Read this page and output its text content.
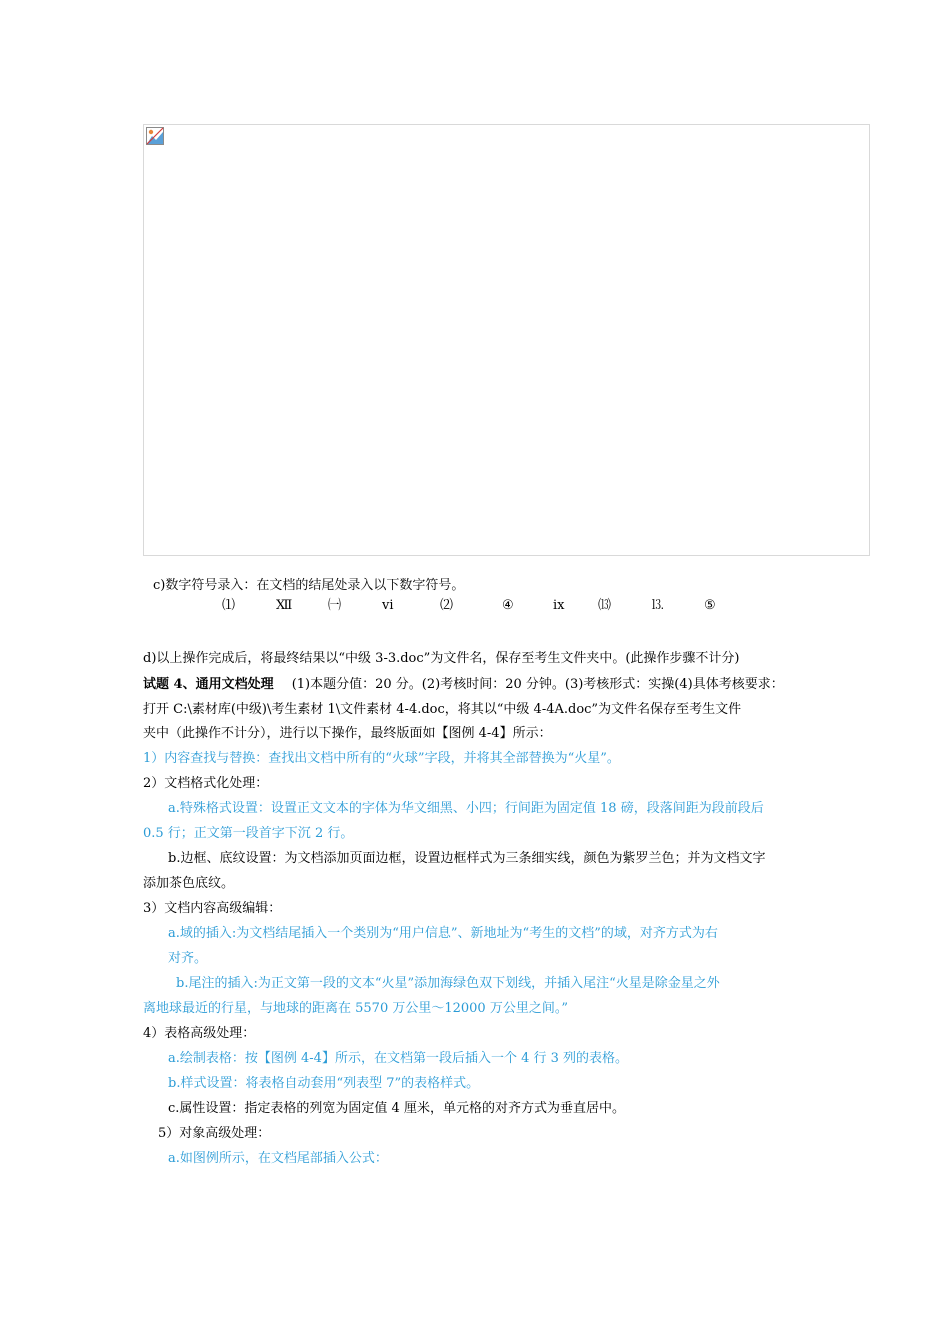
c)数字符号录入：在文档的结尾处录入以下数字符号。
⑴	Ⅻ	㈠	ⅵ	⑵	④	ⅸ	⒀	⒔	⑤
d)以上操作完成后，将最终结果以“中级 3-3.doc”为文件名，保存至考生文件夹中。(此操作步骤不计分)
试题 4、通用文档处理 (1)本题分值：20 分。(2)考核时间：20 分钟。(3)考核形式：实操(4)具体考核要求：
打开 C:\素材库(中级)\考生素材 1\文件素材 4-4.doc，将其以“中级 4-4A.doc”为文件名保存至考生文件
夹中（此操作不计分），进行以下操作，最终版面如【图例 4-4】所示：
1）内容查找与替换：查找出文档中所有的“火球”字段，并将其全部替换为“火星”。
2）文档格式化处理：
a.特殊格式设置：设置正文文本的字体为华文细黑、小四；行间距为固定值 18 磅，段落间距为段前段后
0.5 行；正文第一段首字下沉 2 行。
b.边框、底纹设置：为文档添加页面边框，设置边框样式为三条细实线，颜色为紫罗兰色；并为文档文字
添加茶色底纹。
3）文档内容高级编辑：
a.域的插入:为文档结尾插入一个类别为“用户信息”、新地址为“考生的文档”的域，对齐方式为右
对齐。
b.尾注的插入:为正文第一段的文本“火星”添加海绿色双下划线，并插入尾注“火星是除金星之外
离地球最近的行星，与地球的距离在 5570 万公里～12000 万公里之间。”
4）表格高级处理：
a.绘制表格：按【图例 4-4】所示，在文档第一段后插入一个 4 行 3 列的表格。
b.样式设置：将表格自动套用“列表型 7”的表格样式。
c.属性设置：指定表格的列宽为固定值 4 厘米，单元格的对齐方式为垂直居中。
5）对象高级处理：
a.如图例所示，在文档尾部插入公式：
